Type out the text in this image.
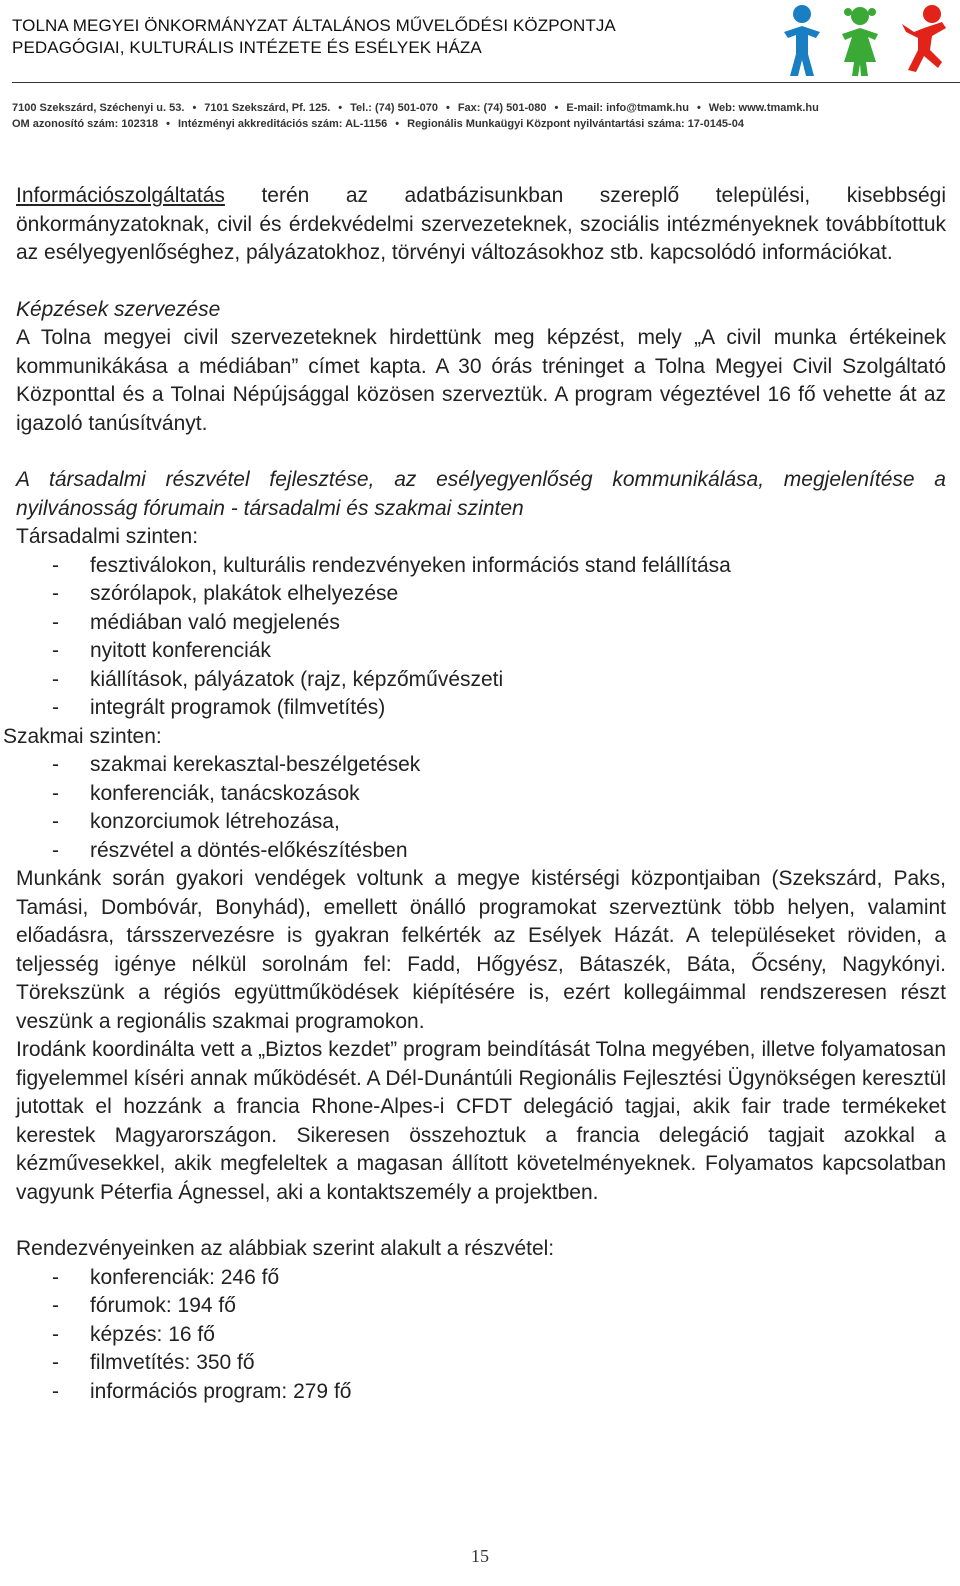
TOLNA MEGYEI ÖNKORMÁNYZAT ÁLTALÁNOS MŰVELŐDÉSI KÖZPONTJA
PEDAGÓGIAI, KULTURÁLIS INTÉZETE ÉS ESÉLYEK HÁZA
7100 Szekszárd, Széchenyi u. 53. • 7101 Szekszárd, Pf. 125. • Tel.: (74) 501-070 • Fax: (74) 501-080 • E-mail: info@tmamk.hu • Web: www.tmamk.hu
OM azonosító szám: 102318 • Intézményi akkreditációs szám: AL-1156 • Regionális Munkaügyi Központ nyilvántartási száma: 17-0145-04

Információszolgáltatás terén az adatbázisunkban szereplő települési, kisebbségi önkormányzatoknak, civil és érdekvédelmi szervezeteknek, szociális intézményeknek továbbítottuk az esélyegyenlőséghez, pályázatokhoz, törvényi változásokhoz stb. kapcsolódó információkat.

Képzések szervezése

A Tolna megyei civil szervezeteknek hirdettünk meg képzést, mely „A civil munka értékeinek kommunikákása a médiában” címet kapta. A 30 órás tréninget a Tolna Megyei Civil Szolgáltató Központtal és a Tolnai Népújsággal közösen szerveztük. A program végeztével 16 fő vehette át az igazoló tanúsítványt.

A társadalmi részvétel fejlesztése, az esélyegyenlőség kommunikálása, megjelenítése a nyilvánosság fórumain - társadalmi és szakmai szinten

Társadalmi szinten:

- fesztiválokon, kulturális rendezvényeken információs stand felállítása
- szórólapok, plakátok elhelyezése
- médiában való megjelenés
- nyitott konferenciák
- kiállítások, pályázatok (rajz, képzőművészeti
- integrált programok (filmvetítés)

Szakmai szinten:

- szakmai kerekasztal-beszélgetések
- konferenciák, tanácskozások
- konzorciumok létrehozása,
- részvétel a döntés-előkészítésben

Munkánk során gyakori vendégek voltunk a megye kistérségi központjaiban (Szekszárd, Paks, Tamási, Dombóvár, Bonyhád), emellett önálló programokat szerveztünk több helyen, valamint előadásra, társszervezésre is gyakran felkérték az Esélyek Házát. A településeket röviden, a teljesség igénye nélkül sorolnám fel: Fadd, Hőgyész, Bátaszék, Báta, Őcsény, Nagykónyi. Törekszünk a régiós együttműködések kiépítésére is, ezért kollegáimmal rendszeresen részt veszünk a regionális szakmai programokon.

Irodánk koordinálta vett a „Biztos kezdet” program beindítását Tolna megyében, illetve folyamatosan figyelemmel kíséri annak működését. A Dél-Dunántúli Regionális Fejlesztési Ügynökségen keresztül jutottak el hozzánk a francia Rhone-Alpes-i CFDT delegáció tagjai, akik fair trade termékeket kerestek Magyarországon. Sikeresen összehoztuk a francia delegáció tagjait azokkal a kézművesekkel, akik megfeleltek a magasan állított követelményeknek. Folyamatos kapcsolatban vagyunk Péterfia Ágnessel, aki a kontaktszemély a projektben.

Rendezvényeinken az alábbiak szerint alakult a részvétel:

- konferenciák: 246 fő
- fórumok: 194 fő
- képzés: 16 fő
- filmvetítés: 350 fő
- információs program: 279 fő
15
